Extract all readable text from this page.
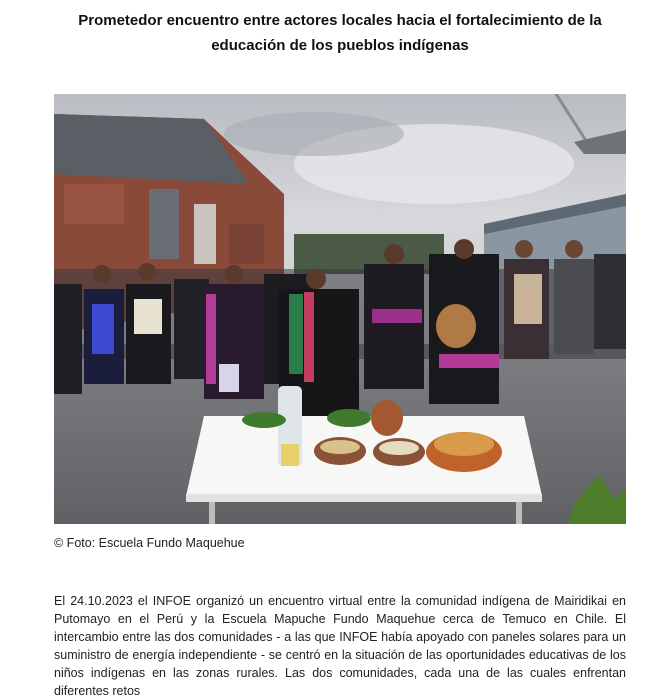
Prometedor encuentro entre actores locales hacia el fortalecimiento de la educación de los pueblos indígenas
© Foto: Escuela Fundo Maquehue
El 24.10.2023 el INFOE organizó un encuentro virtual entre la comunidad indígena de Mairidikai en Putomayo en el Perú y la Escuela Mapuche Fundo Maquehue cerca de Temuco en Chile. El intercambio entre las dos comunidades - a las que INFOE había apoyado con paneles solares para un suministro de energía independiente - se centró en la situación de las oportunidades educativas de los niños indígenas en las zonas rurales. Las dos comunidades, cada una de las cuales enfrentan diferentes retos
